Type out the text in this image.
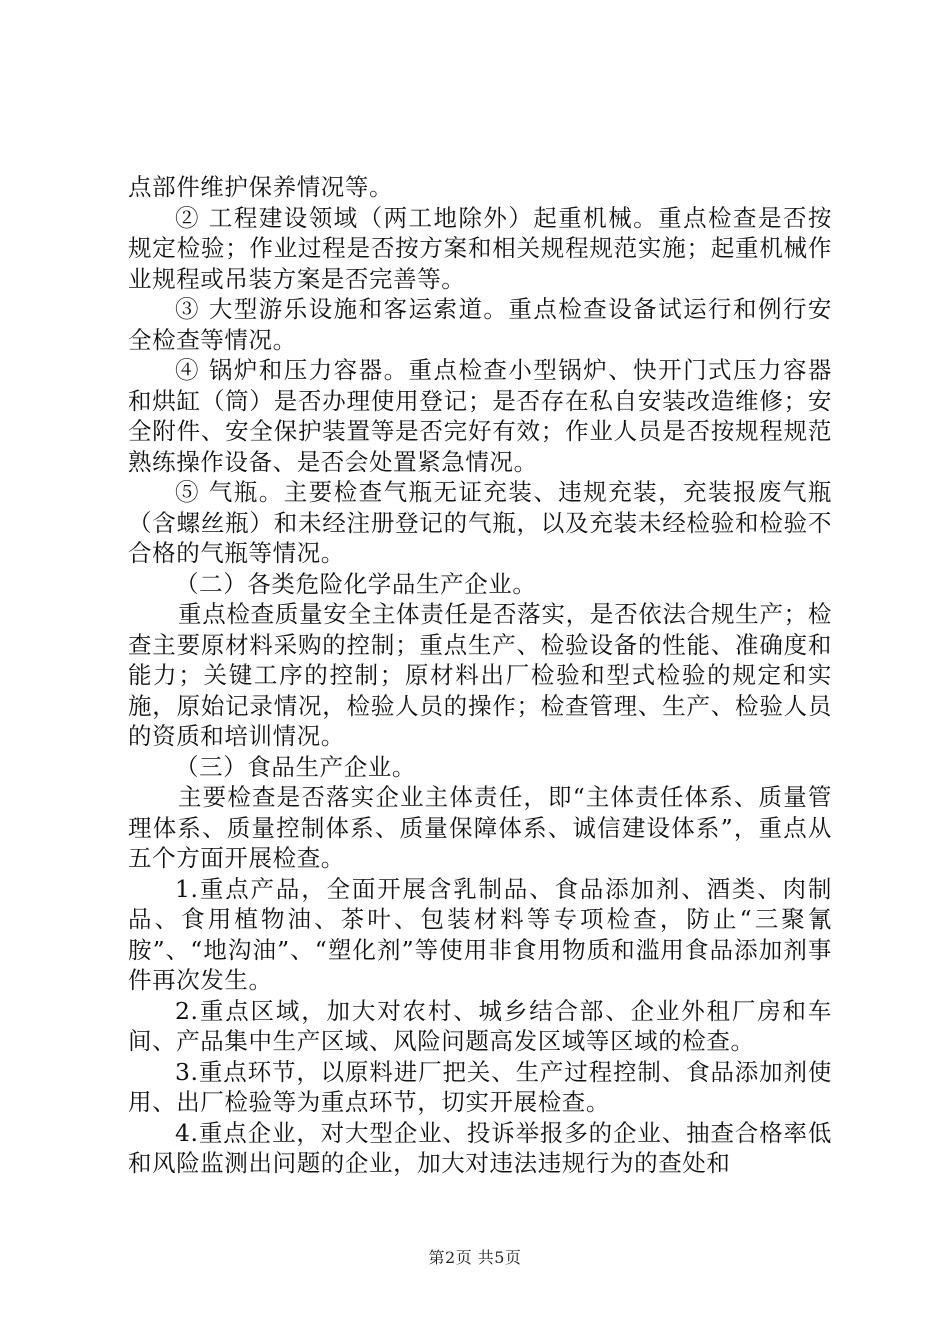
点部件维护保养情况等。

② 工程建设领域（两工地除外）起重机械。重点检查是否按规定检验；作业过程是否按方案和相关规程规范实施；起重机械作业规程或吊装方案是否完善等。

③ 大型游乐设施和客运索道。重点检查设备试运行和例行安全检查等情况。

④ 锅炉和压力容器。重点检查小型锅炉、快开门式压力容器和烘缸（筒）是否办理使用登记；是否存在私自安装改造维修；安全附件、安全保护装置等是否完好有效；作业人员是否按规程规范熟练操作设备、是否会处置紧急情况。

⑤ 气瓶。主要检查气瓶无证充装、违规充装，充装报废气瓶（含螺丝瓶）和未经注册登记的气瓶，以及充装未经检验和检验不合格的气瓶等情况。

（二）各类危险化学品生产企业。

重点检查质量安全主体责任是否落实，是否依法合规生产；检查主要原材料采购的控制；重点生产、检验设备的性能、准确度和能力；关键工序的控制；原材料出厂检验和型式检验的规定和实施，原始记录情况，检验人员的操作；检查管理、生产、检验人员的资质和培训情况。

（三）食品生产企业。

主要检查是否落实企业主体责任，即“主体责任体系、质量管理体系、质量控制体系、质量保障体系、诚信建设体系”，重点从五个方面开展检查。

1.重点产品，全面开展含乳制品、食品添加剂、酒类、肉制品、食用植物油、茶叶、包装材料等专项检查，防止“三聚氰胺”、“地沟油”、“塑化剂”等使用非食用物质和滥用食品添加剂事件再次发生。

2.重点区域，加大对农村、城乡结合部、企业外租厂房和车间、产品集中生产区域、风险问题高发区域等区域的检查。

3.重点环节，以原料进厂把关、生产过程控制、食品添加剂使用、出厂检验等为重点环节，切实开展检查。

4.重点企业，对大型企业、投诉举报多的企业、抽查合格率低和风险监测出问题的企业，加大对违法违规行为的查处和

第2页 共5页
